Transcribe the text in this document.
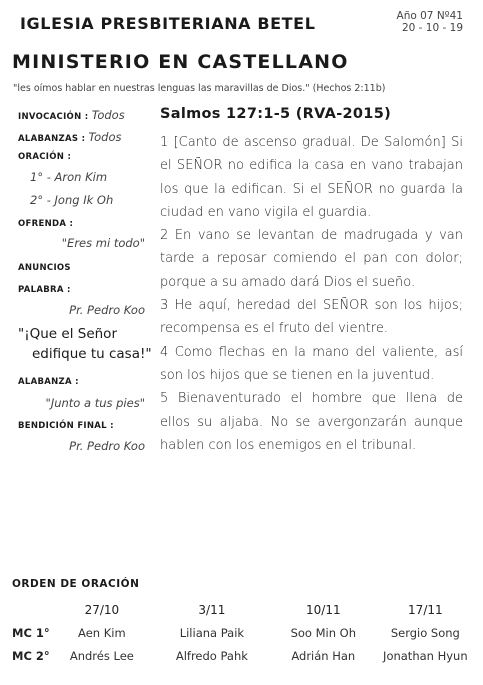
IGLESIA PRESBITERIANA BETEL	Año 07 Nº41
20 - 10 - 19
MINISTERIO EN CASTELLANO
"les oímos hablar en nuestras lenguas las maravillas de Dios." (Hechos 2:11b)
INVOCACIÓN : Todos
ALABANZAS : Todos
ORACIÓN :
1° - Aron Kim
2° - Jong Ik Oh
OFRENDA :
"Eres mi todo"
ANUNCIOS
PALABRA :
Pr. Pedro Koo
"¡Que el Señor
edifique tu casa!"
ALABANZA :
"Junto a tus pies"
BENDICIÓN FINAL :
Pr. Pedro Koo
Salmos 127:1-5 (RVA-2015)

1 [Canto de ascenso gradual. De Salomón] Si el SEÑOR no edifica la casa en vano trabajan los que la edifican. Si el SEÑOR no guarda la ciudad en vano vigila el guardia.

2 En vano se levantan de madrugada y van tarde a reposar comiendo el pan con dolor; porque a su amado dará Dios el sueño.

3 He aquí, heredad del SEÑOR son los hijos; recompensa es el fruto del vientre.

4 Como flechas en la mano del valiente, así son los hijos que se tienen en la juventud.

5 Bienaventurado el hombre que llena de ellos su aljaba. No se avergonzarán aunque hablen con los enemigos en el tribunal.

ORDEN DE ORACIÓN
	27/10	3/11	10/11	17/11
MC 1°	Aen Kim	Liliana Paik	Soo Min Oh	Sergio Song
MC 2°	Andrés Lee	Alfredo Pahk	Adrián Han	Jonathan Hyun
